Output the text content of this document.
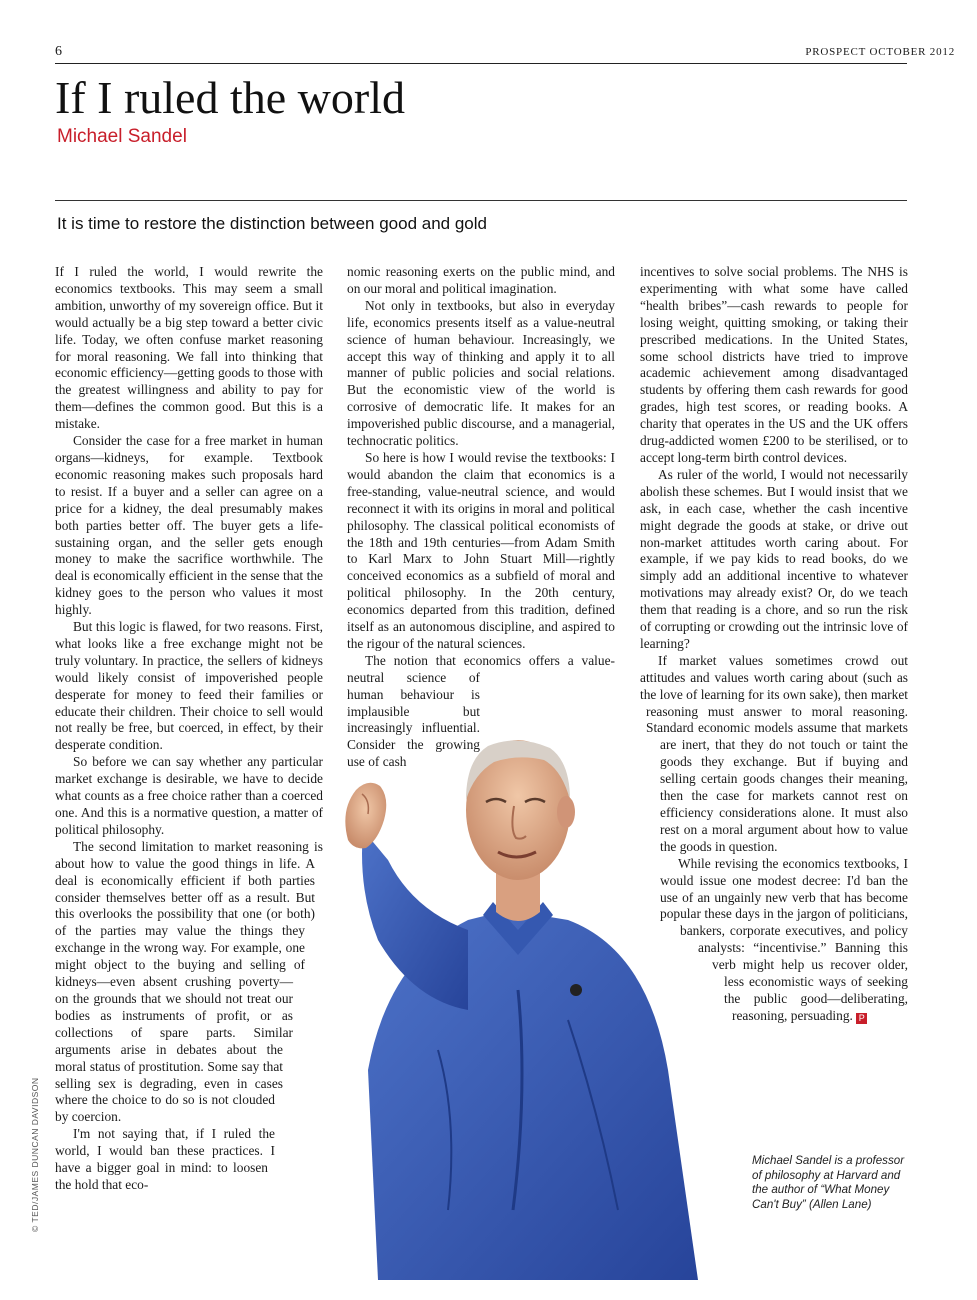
6	PROSPECT OCTOBER 2012
If I ruled the world
Michael Sandel
It is time to restore the distinction between good and gold

If I ruled the world, I would rewrite the economics textbooks. This may seem a small ambition, unworthy of my sovereign office. But it would actually be a big step toward a better civic life. Today, we often confuse market reasoning for moral reasoning. We fall into thinking that economic efficiency—getting goods to those with the greatest willingness and ability to pay for them—defines the common good. But this is a mistake.

Consider the case for a free market in human organs—kidneys, for example. Textbook economic reasoning makes such proposals hard to resist. If a buyer and a seller can agree on a price for a kidney, the deal presumably makes both parties better off. The buyer gets a life-sustaining organ, and the seller gets enough money to make the sacrifice worthwhile. The deal is economically efficient in the sense that the kidney goes to the person who values it most highly.

But this logic is flawed, for two reasons. First, what looks like a free exchange might not be truly voluntary. In practice, the sellers of kidneys would likely consist of impoverished people desperate for money to feed their families or educate their children. Their choice to sell would not really be free, but coerced, in effect, by their desperate condition.

So before we can say whether any particular market exchange is desirable, we have to decide what counts as a free choice rather than a coerced one. And this is a normative question, a matter of political philosophy.

The second limitation to market reasoning is about how to value the good things in life. A deal is economically efficient if both parties consider themselves better off as a result. But this overlooks the possibility that one (or both) of the parties may value the things they exchange in the wrong way. For example, one might object to the buying and selling of kidneys—even absent crushing poverty—on the grounds that we should not treat our bodies as instruments of profit, or as collections of spare parts. Similar arguments arise in debates about the moral status of prostitution. Some say that selling sex is degrading, even in cases where the choice to do so is not clouded by coercion.

I'm not saying that, if I ruled the world, I would ban these practices. I have a bigger goal in mind: to loosen the hold that eco-

nomic reasoning exerts on the public mind, and on our moral and political imagination.

Not only in textbooks, but also in everyday life, economics presents itself as a value-neutral science of human behaviour. Increasingly, we accept this way of thinking and apply it to all manner of public policies and social relations. But the economistic view of the world is corrosive of democratic life. It makes for an impoverished public discourse, and a managerial, technocratic politics.

So here is how I would revise the textbooks: I would abandon the claim that economics is a free-standing, value-neutral science, and would reconnect it with its origins in moral and political philosophy. The classical political economists of the 18th and 19th centuries—from Adam Smith to Karl Marx to John Stuart Mill—rightly conceived economics as a subfield of moral and political philosophy. In the 20th century, economics departed from this tradition, defined itself as an autonomous discipline, and aspired to the rigour of the natural sciences.

The notion that economics offers a value-neutral science of human behaviour is implausible but increasingly influential. Consider the growing use of cash

incentives to solve social problems. The NHS is experimenting with what some have called “health bribes”—cash rewards to people for losing weight, quitting smoking, or taking their prescribed medications. In the United States, some school districts have tried to improve academic achievement among disadvantaged students by offering them cash rewards for good grades, high test scores, or reading books. A charity that operates in the US and the UK offers drug-addicted women £200 to be sterilised, or to accept long-term birth control devices.

As ruler of the world, I would not necessarily abolish these schemes. But I would insist that we ask, in each case, whether the cash incentive might degrade the goods at stake, or drive out non-market attitudes worth caring about. For example, if we pay kids to read books, do we simply add an additional incentive to whatever motivations may already exist? Or, do we teach them that reading is a chore, and so run the risk of corrupting or crowding out the intrinsic love of learning?

If market values sometimes crowd out attitudes and values worth caring about (such as the love of learning for its own sake), then market reasoning must answer to moral reasoning. Standard economic models assume that markets are inert, that they do not touch or taint the goods they exchange. But if buying and selling certain goods changes their meaning, then the case for markets cannot rest on efficiency considerations alone. It must also rest on a moral argument about how to value the goods in question.

While revising the economics textbooks, I would issue one modest decree: I'd ban the use of an ungainly new verb that has become popular these days in the jargon of politicians, bankers, corporate executives, and policy analysts: “incentivise.” Banning this verb might help us recover older, less economistic ways of seeking the public good—deliberating, reasoning, persuading. P

© TED/JAMES DUNCAN DAVIDSON	Michael Sandel is a professor of philosophy at Harvard and the author of “What Money Can't Buy” (Allen Lane)
